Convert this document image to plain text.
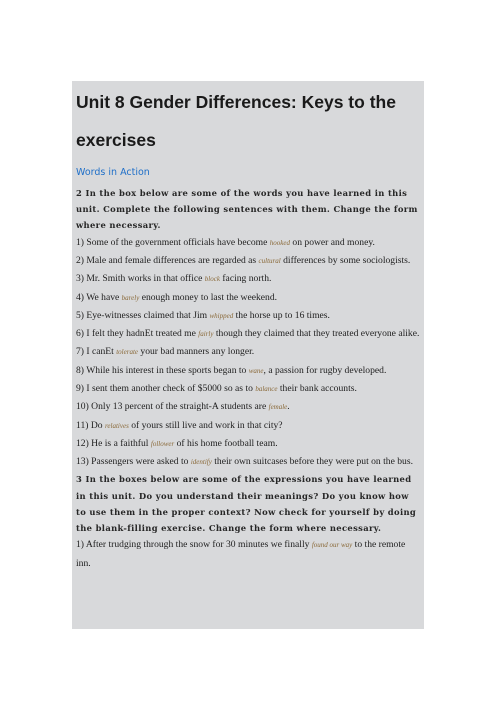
Unit 8 Gender Differences: Keys to the exercises
Words in Action

2 In the box below are some of the words you have learned in this unit. Complete the following sentences with them. Change the form where necessary.

1) Some of the government officials have become hooked on power and money.

2) Male and female differences are regarded as cultural differences by some sociologists.

3) Mr. Smith works in that office block facing north.

4) We have barely enough money to last the weekend.

5) Eye-witnesses claimed that Jim whipped the horse up to 16 times.

6) I felt they hadnEt treated me fairly though they claimed that they treated everyone alike.

7) I canEt tolerate your bad manners any longer.

8) While his interest in these sports began to wane, a passion for rugby developed.

9) I sent them another check of $5000 so as to balance their bank accounts.

10) Only 13 percent of the straight-A students are female.

11) Do relatives of yours still live and work in that city?

12) He is a faithful follower of his home football team.

13) Passengers were asked to identify their own suitcases before they were put on the bus.

3 In the boxes below are some of the expressions you have learned in this unit. Do you understand their meanings? Do you know how to use them in the proper context? Now check for yourself by doing the blank-filling exercise. Change the form where necessary.

1) After trudging through the snow for 30 minutes we finally found our way to the remote inn.
